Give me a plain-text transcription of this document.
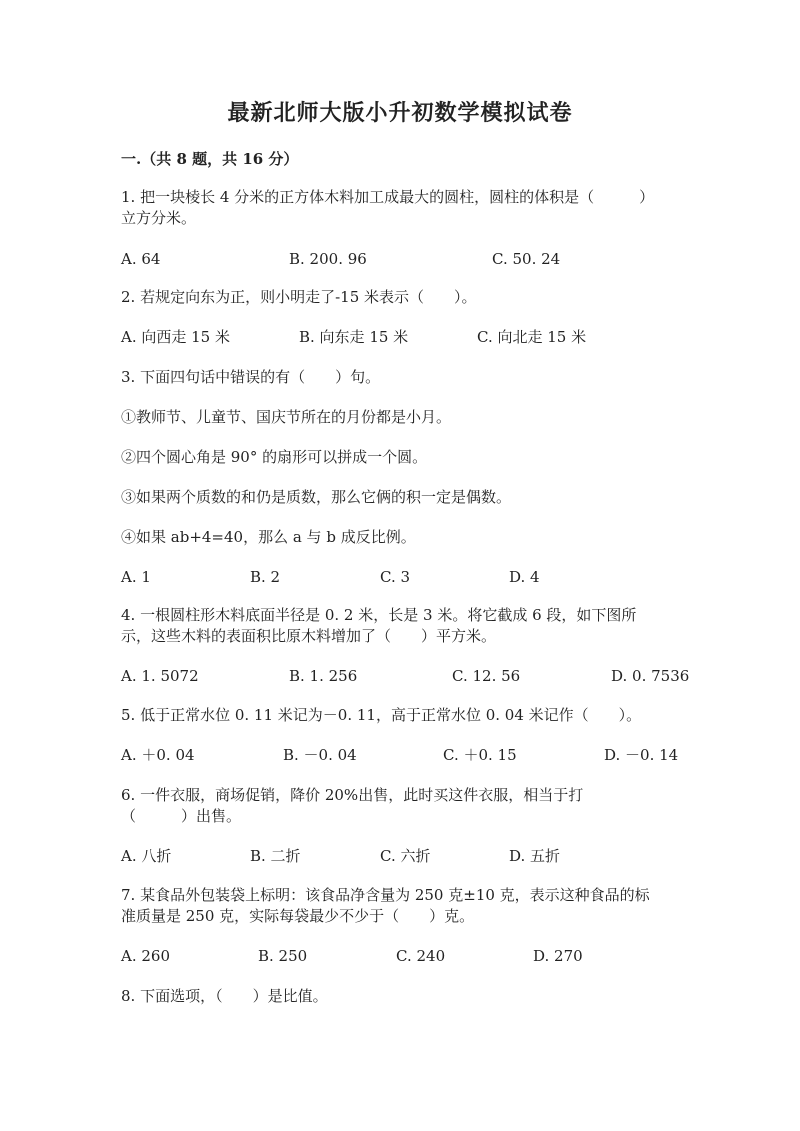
最新北师大版小升初数学模拟试卷
一.（共 8 题，共 16 分）
1. 把一块棱长 4 分米的正方体木料加工成最大的圆柱，圆柱的体积是（　　　）
立方分米。
A. 64	B. 200. 96	C. 50. 24
2. 若规定向东为正，则小明走了-15 米表示（　　）。
A. 向西走 15 米	B. 向东走 15 米	C. 向北走 15 米
3. 下面四句话中错误的有（　　）句。
①教师节、儿童节、国庆节所在的月份都是小月。
②四个圆心角是 90° 的扇形可以拼成一个圆。
③如果两个质数的和仍是质数，那么它俩的积一定是偶数。
④如果 ab+4=40，那么 a 与 b 成反比例。
A. 1	B. 2	C. 3	D. 4
4. 一根圆柱形木料底面半径是 0. 2 米，长是 3 米。将它截成 6 段，如下图所
示，这些木料的表面积比原木料增加了（　　）平方米。
A. 1. 5072	B. 1. 256	C. 12. 56	D. 0. 7536
5. 低于正常水位 0. 11 米记为－0. 11，高于正常水位 0. 04 米记作（　　）。
A. ＋0. 04	B. －0. 04	C. ＋0. 15	D. －0. 14
6. 一件衣服，商场促销，降价 20%出售，此时买这件衣服，相当于打
（　　　）出售。
A. 八折	B. 二折	C. 六折	D. 五折
7. 某食品外包装袋上标明：该食品净含量为 250 克±10 克，表示这种食品的标
准质量是 250 克，实际每袋最少不少于（　　）克。
A. 260	B. 250	C. 240	D. 270
8. 下面选项，（　　）是比值。
